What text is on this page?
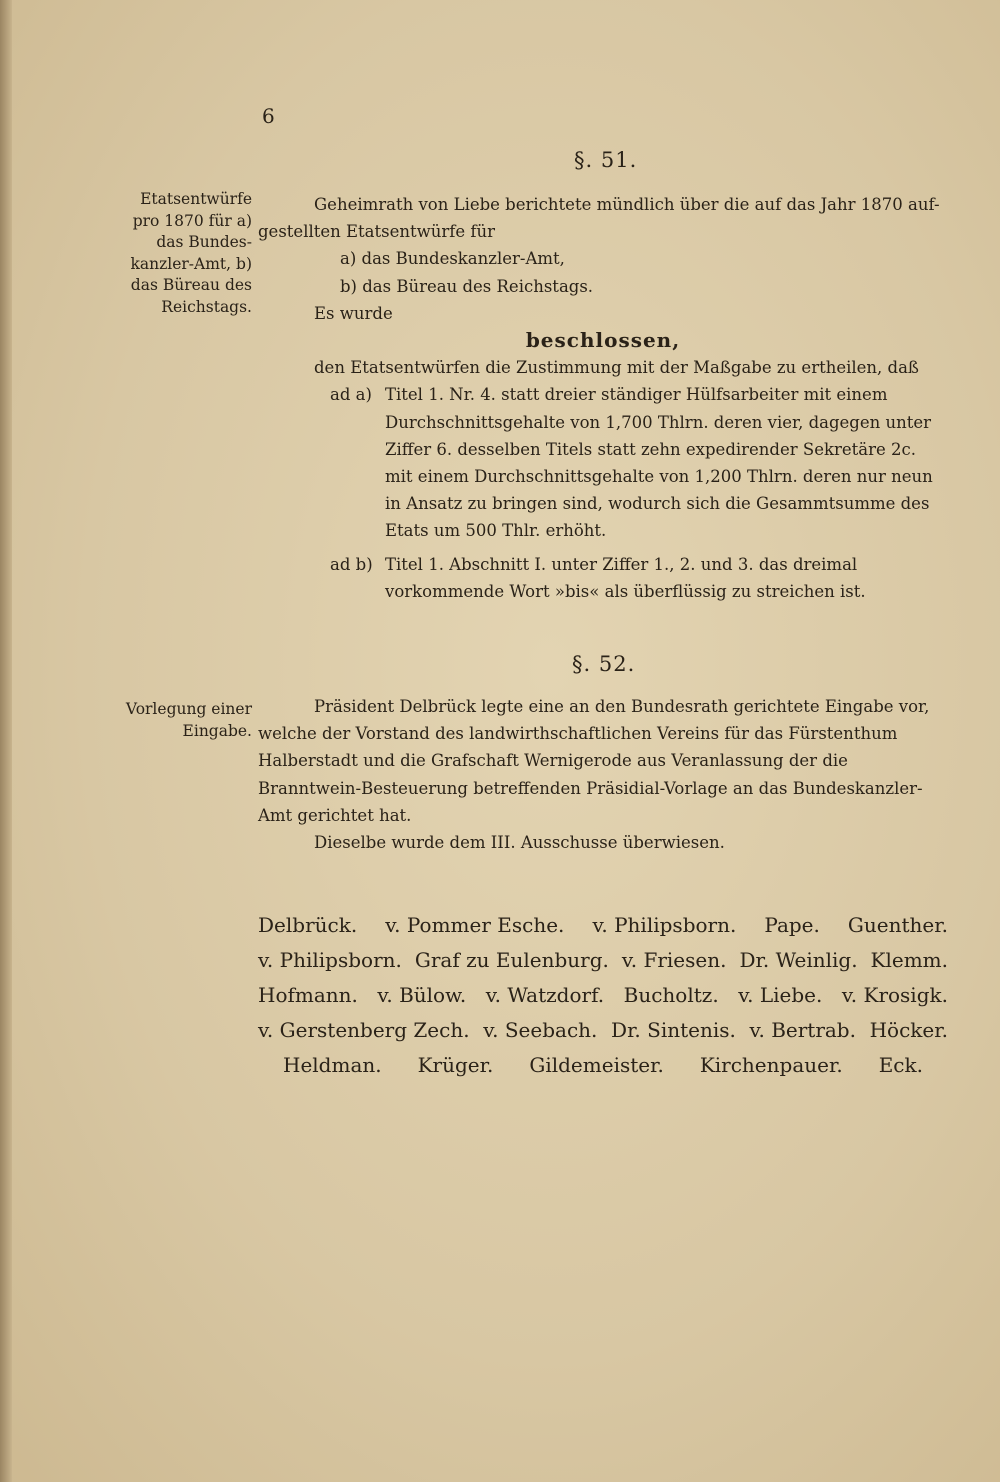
6
§. 51.
Etatsentwürfe pro 1870 für a) das Bundes-kanzler-Amt, b) das Büreau des Reichstags.

Geheimrath von Liebe berichtete mündlich über die auf das Jahr 1870 auf-

gestellten Etatsentwürfe für

a) das Bundeskanzler-Amt,

b) das Büreau des Reichstags.

Es wurde

beschlossen,

den Etatsentwürfen die Zustimmung mit der Maßgabe zu ertheilen, daß

ad a) Titel 1. Nr. 4. statt dreier ständiger Hülfsarbeiter mit einem Durchschnittsgehalte von 1,700 Thlrn. deren vier, dagegen unter Ziffer 6. desselben Titels statt zehn expedirender Sekretäre 2c. mit einem Durchschnittsgehalte von 1,200 Thlrn. deren nur neun in Ansatz zu bringen sind, wodurch sich die Gesammtsumme des Etats um 500 Thlr. erhöht.

ad b) Titel 1. Abschnitt I. unter Ziffer 1., 2. und 3. das dreimal vorkommende Wort »bis« als überflüssig zu streichen ist.

§. 52.
Vorlegung einer Eingabe.

Präsident Delbrück legte eine an den Bundesrath gerichtete Eingabe vor, welche der Vorstand des landwirthschaftlichen Vereins für das Fürstenthum Halberstadt und die Grafschaft Wernigerode aus Veranlassung der die Branntwein-Besteuerung betreffenden Präsidial-Vorlage an das Bundeskanzler-Amt gerichtet hat.

Dieselbe wurde dem III. Ausschusse überwiesen.

Delbrück. v. Pommer Esche. v. Philipsborn. Pape. Guenther.
v. Philipsborn. Graf zu Eulenburg. v. Friesen. Dr. Weinlig. Klemm.
Hofmann. v. Bülow. v. Watzdorf. Bucholtz. v. Liebe. v. Krosigk.
v. Gerstenberg Zech. v. Seebach. Dr. Sintenis. v. Bertrab. Höcker.
Heldman. Krüger. Gildemeister. Kirchenpauer. Eck.
